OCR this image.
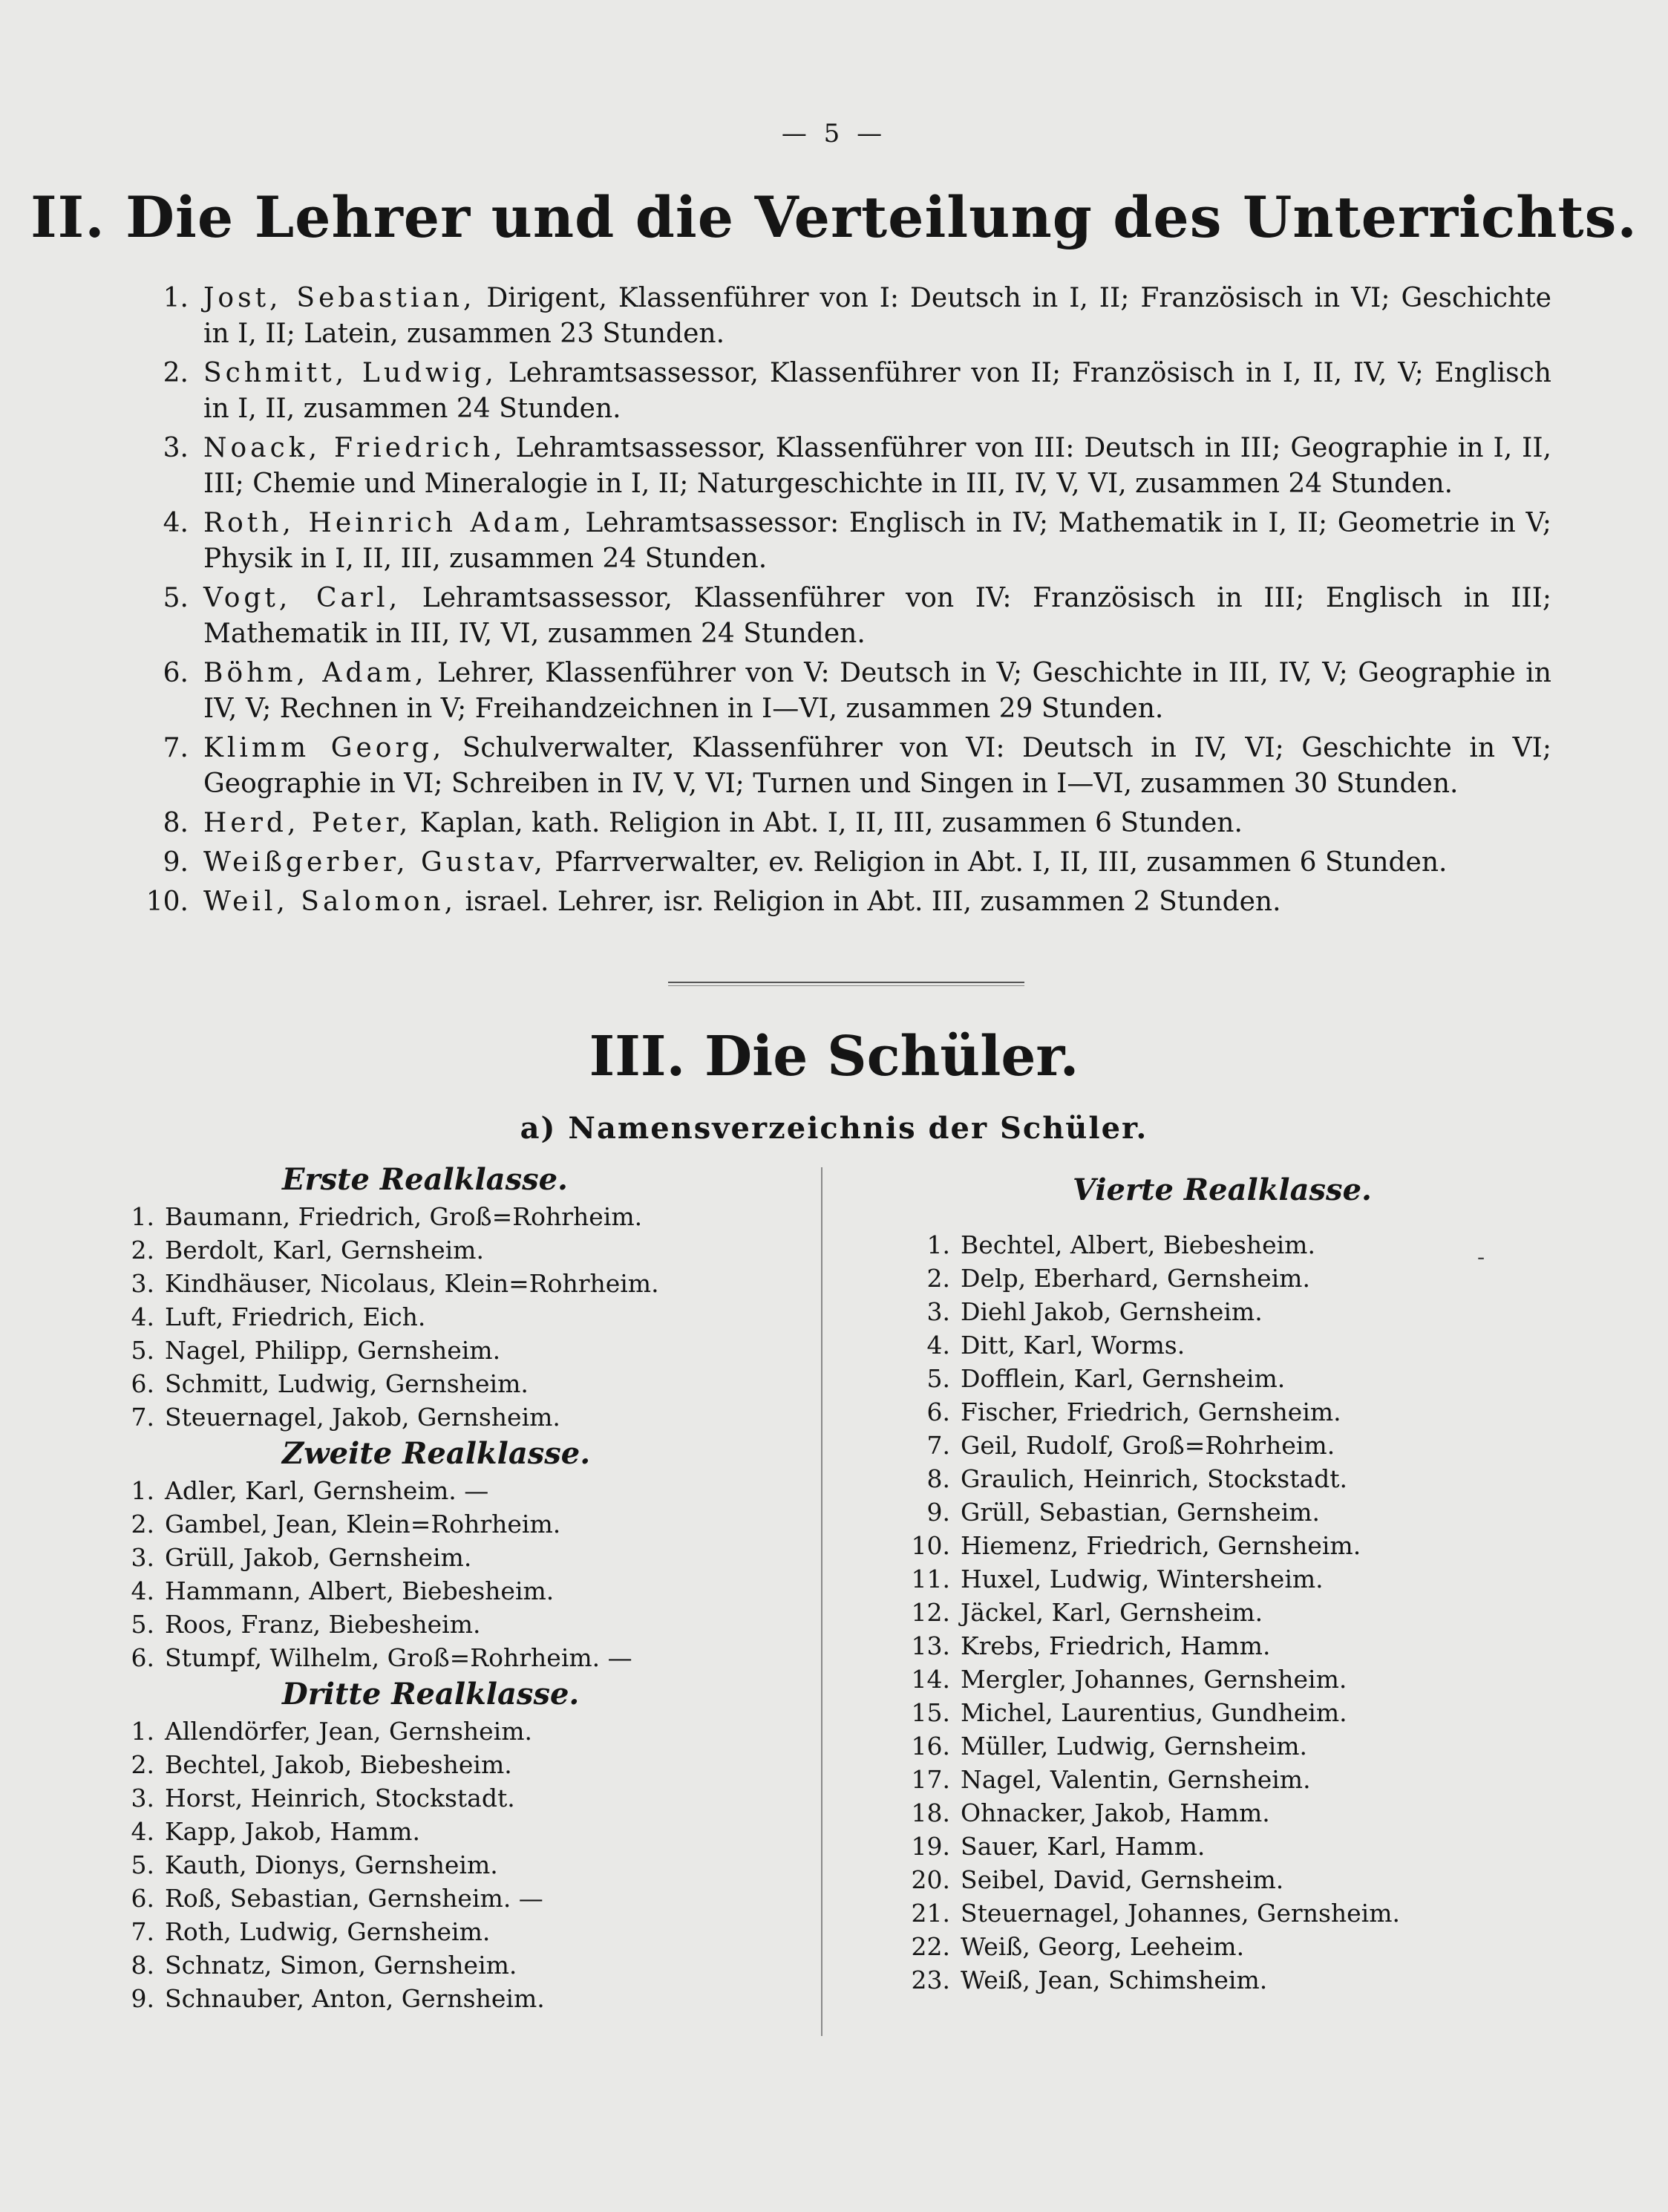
— 5 —
II. Die Lehrer und die Verteilung des Unterrichts.
1. Jost, Sebastian, Dirigent, Klassenführer von I: Deutsch in I, II; Französisch in VI; Geschichte in I, II; Latein, zusammen 23 Stunden.
2. Schmitt, Ludwig, Lehramtsassessor, Klassenführer von II; Französisch in I, II, IV, V; Englisch in I, II, zusammen 24 Stunden.
3. Noack, Friedrich, Lehramtsassessor, Klassenführer von III: Deutsch in III; Geographie in I, II, III; Chemie und Mineralogie in I, II; Naturgeschichte in III, IV, V, VI, zusammen 24 Stunden.
4. Roth, Heinrich Adam, Lehramtsassessor: Englisch in IV; Mathematik in I, II; Geometrie in V; Physik in I, II, III, zusammen 24 Stunden.
5. Vogt, Carl, Lehramtsassessor, Klassenführer von IV: Französisch in III; Englisch in III; Mathematik in III, IV, VI, zusammen 24 Stunden.
6. Böhm, Adam, Lehrer, Klassenführer von V: Deutsch in V; Geschichte in III, IV, V; Geographie in IV, V; Rechnen in V; Freihandzeichnen in I—VI, zusammen 29 Stunden.
7. Klimm Georg, Schulverwalter, Klassenführer von VI: Deutsch in IV, VI; Geschichte in VI; Geographie in VI; Schreiben in IV, V, VI; Turnen und Singen in I—VI, zusammen 30 Stunden.
8. Herd, Peter, Kaplan, kath. Religion in Abt. I, II, III, zusammen 6 Stunden.
9. Weißgerber, Gustav, Pfarrverwalter, ev. Religion in Abt. I, II, III, zusammen 6 Stunden.
10. Weil, Salomon, israel. Lehrer, isr. Religion in Abt. III, zusammen 2 Stunden.
III. Die Schüler.
a) Namensverzeichnis der Schüler.
Erste Realklasse.
1. Baumann, Friedrich, Groß=Rohrheim.
2. Berdolt, Karl, Gernsheim.
3. Kindhäuser, Nicolaus, Klein=Rohrheim.
4. Luft, Friedrich, Eich.
5. Nagel, Philipp, Gernsheim.
6. Schmitt, Ludwig, Gernsheim.
7. Steuernagel, Jakob, Gernsheim.
Zweite Realklasse.
1. Adler, Karl, Gernsheim. —
2. Gambel, Jean, Klein=Rohrheim.
3. Grüll, Jakob, Gernsheim.
4. Hammann, Albert, Biebesheim.
5. Roos, Franz, Biebesheim.
6. Stumpf, Wilhelm, Groß=Rohrheim. —
Dritte Realklasse.
1. Allendörfer, Jean, Gernsheim.
2. Bechtel, Jakob, Biebesheim.
3. Horst, Heinrich, Stockstadt.
4. Kapp, Jakob, Hamm.
5. Kauth, Dionys, Gernsheim.
6. Roß, Sebastian, Gernsheim. —
7. Roth, Ludwig, Gernsheim.
8. Schnatz, Simon, Gernsheim.
9. Schnauber, Anton, Gernsheim.
Vierte Realklasse.
1. Bechtel, Albert, Biebesheim.
2. Delp, Eberhard, Gernsheim.
3. Diehl Jakob, Gernsheim.
4. Ditt, Karl, Worms.
5. Dofflein, Karl, Gernsheim.
6. Fischer, Friedrich, Gernsheim.
7. Geil, Rudolf, Groß=Rohrheim.
8. Graulich, Heinrich, Stockstadt.
9. Grüll, Sebastian, Gernsheim.
10. Hiemenz, Friedrich, Gernsheim.
11. Huxel, Ludwig, Wintersheim.
12. Jäckel, Karl, Gernsheim.
13. Krebs, Friedrich, Hamm.
14. Mergler, Johannes, Gernsheim.
15. Michel, Laurentius, Gundheim.
16. Müller, Ludwig, Gernsheim.
17. Nagel, Valentin, Gernsheim.
18. Ohnacker, Jakob, Hamm.
19. Sauer, Karl, Hamm.
20. Seibel, David, Gernsheim.
21. Steuernagel, Johannes, Gernsheim.
22. Weiß, Georg, Leeheim.
23. Weiß, Jean, Schimsheim.
-
